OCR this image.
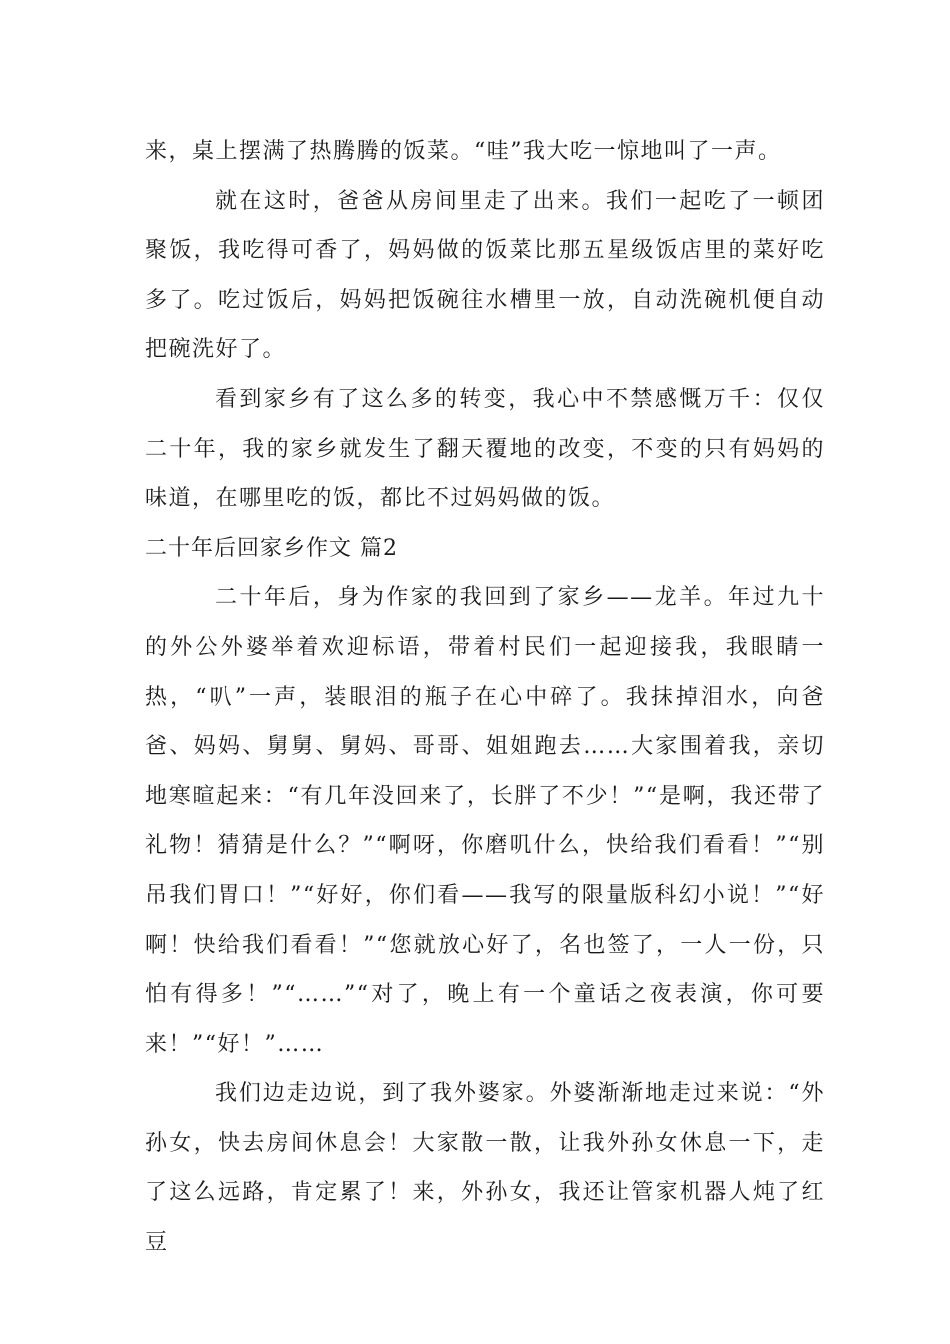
来，桌上摆满了热腾腾的饭菜。“哇”我大吃一惊地叫了一声。

就在这时，爸爸从房间里走了出来。我们一起吃了一顿团聚饭，我吃得可香了，妈妈做的饭菜比那五星级饭店里的菜好吃多了。吃过饭后，妈妈把饭碗往水槽里一放，自动洗碗机便自动把碗洗好了。

看到家乡有了这么多的转变，我心中不禁感慨万千：仅仅二十年，我的家乡就发生了翻天覆地的改变，不变的只有妈妈的味道，在哪里吃的饭，都比不过妈妈做的饭。

二十年后回家乡作文 篇2

二十年后，身为作家的我回到了家乡——龙羊。年过九十的外公外婆举着欢迎标语，带着村民们一起迎接我，我眼睛一热，“叭”一声，装眼泪的瓶子在心中碎了。我抹掉泪水，向爸爸、妈妈、舅舅、舅妈、哥哥、姐姐跑去……大家围着我，亲切地寒暄起来：“有几年没回来了，长胖了不少！”“是啊，我还带了礼物！猜猜是什么？”“啊呀，你磨叽什么，快给我们看看！”“别吊我们胃口！”“好好，你们看——我写的限量版科幻小说！”“好啊！快给我们看看！”“您就放心好了，名也签了，一人一份，只怕有得多！”“……”“对了，晚上有一个童话之夜表演，你可要来！”“好！”……

我们边走边说，到了我外婆家。外婆渐渐地走过来说：“外孙女，快去房间休息会！大家散一散，让我外孙女休息一下，走了这么远路，肯定累了！来，外孙女，我还让管家机器人炖了红豆
